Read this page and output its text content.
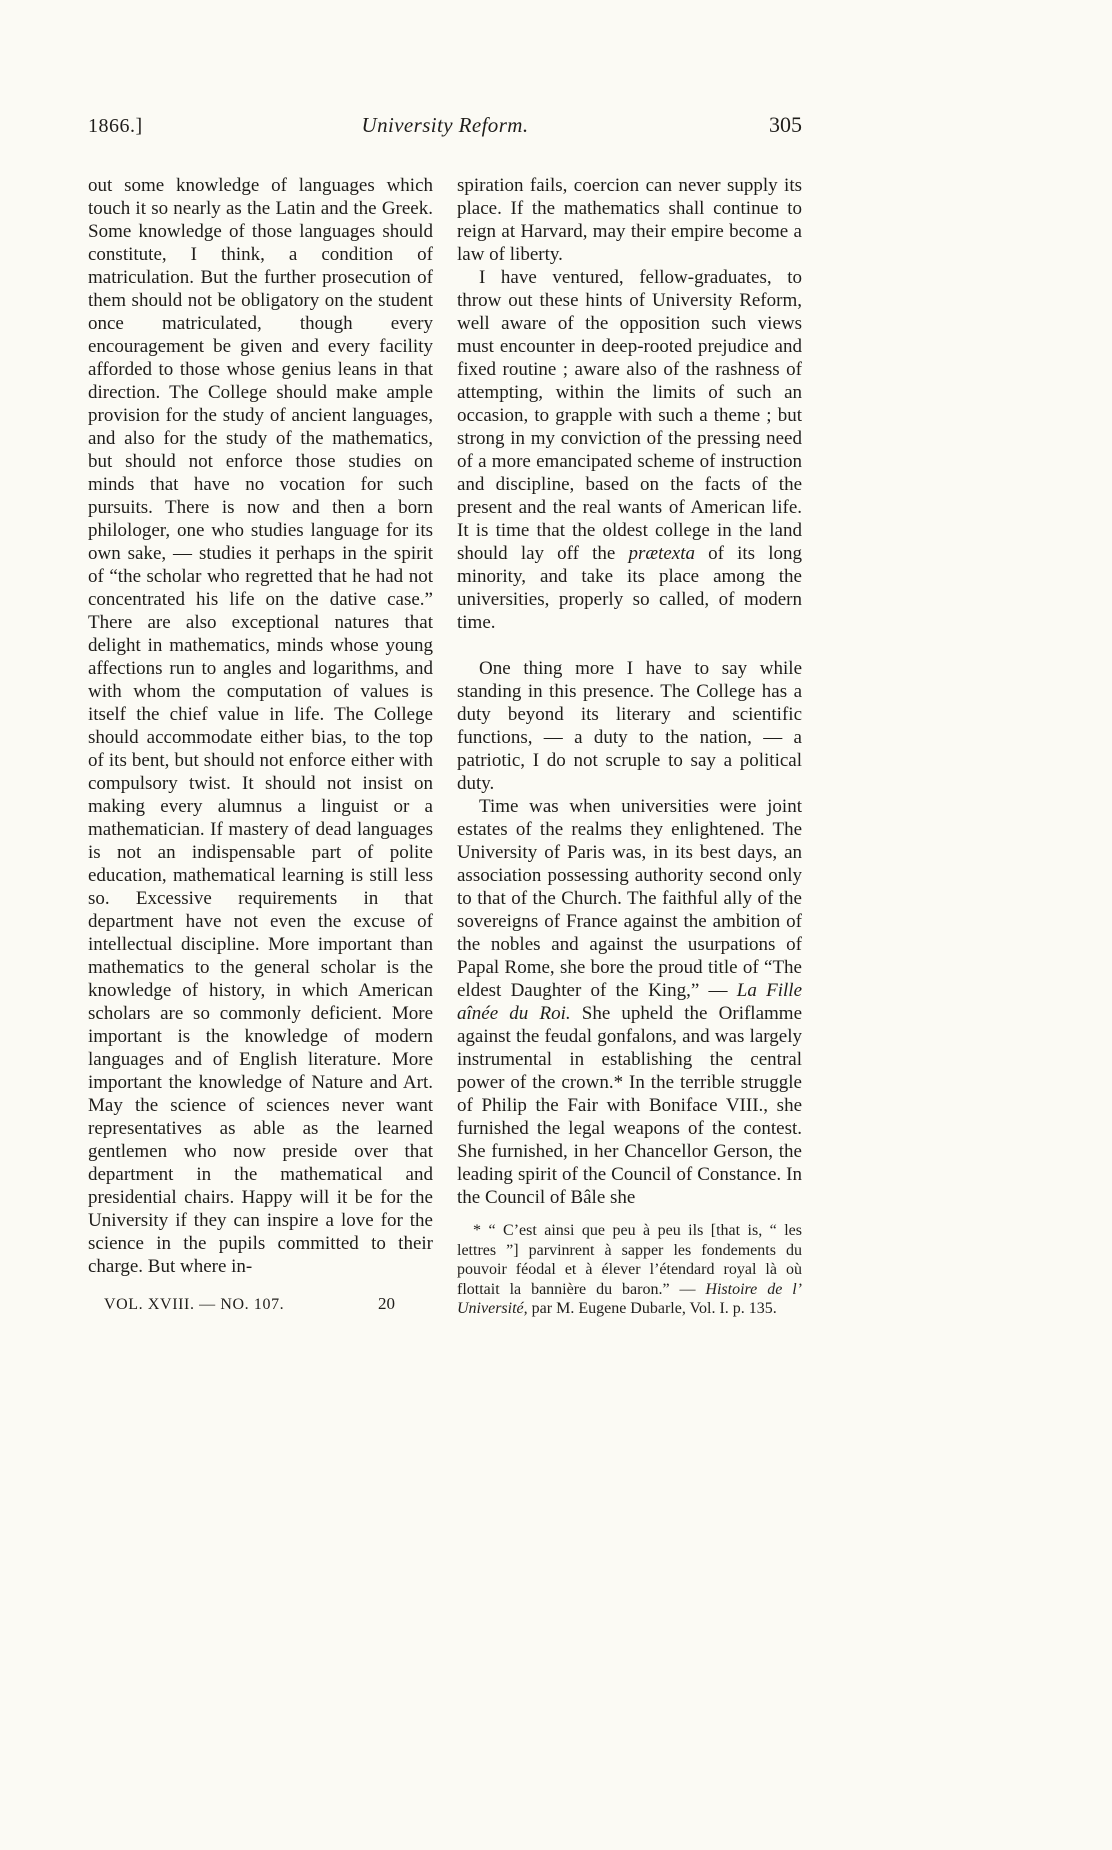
1866.]	University Reform.	305

out some knowledge of languages which touch it so nearly as the Latin and the Greek. Some knowledge of those languages should constitute, I think, a condition of matriculation. But the further prosecution of them should not be obligatory on the student once matriculated, though every encouragement be given and every facility afforded to those whose genius leans in that direction. The College should make ample provision for the study of ancient languages, and also for the study of the mathematics, but should not enforce those studies on minds that have no vocation for such pursuits. There is now and then a born philologer, one who studies language for its own sake, — studies it perhaps in the spirit of “the scholar who regretted that he had not concentrated his life on the dative case.” There are also exceptional natures that delight in mathematics, minds whose young affections run to angles and logarithms, and with whom the computation of values is itself the chief value in life. The College should accommodate either bias, to the top of its bent, but should not enforce either with compulsory twist. It should not insist on making every alumnus a linguist or a mathematician. If mastery of dead languages is not an indispensable part of polite education, mathematical learning is still less so. Excessive requirements in that department have not even the excuse of intellectual discipline. More important than mathematics to the general scholar is the knowledge of history, in which American scholars are so commonly deficient. More important is the knowledge of modern languages and of English literature. More important the knowledge of Nature and Art. May the science of sciences never want representatives as able as the learned gentlemen who now preside over that department in the mathematical and presidential chairs. Happy will it be for the University if they can inspire a love for the science in the pupils committed to their charge. But where in-

VOL. XVIII. — NO. 107.	20

spiration fails, coercion can never supply its place. If the mathematics shall continue to reign at Harvard, may their empire become a law of liberty.

I have ventured, fellow-graduates, to throw out these hints of University Reform, well aware of the opposition such views must encounter in deep-rooted prejudice and fixed routine ; aware also of the rashness of attempting, within the limits of such an occasion, to grapple with such a theme ; but strong in my conviction of the pressing need of a more emancipated scheme of instruction and discipline, based on the facts of the present and the real wants of American life. It is time that the oldest college in the land should lay off the prætexta of its long minority, and take its place among the universities, properly so called, of modern time.

One thing more I have to say while standing in this presence. The College has a duty beyond its literary and scientific functions, — a duty to the nation, — a patriotic, I do not scruple to say a political duty.

Time was when universities were joint estates of the realms they enlightened. The University of Paris was, in its best days, an association possessing authority second only to that of the Church. The faithful ally of the sovereigns of France against the ambition of the nobles and against the usurpations of Papal Rome, she bore the proud title of “The eldest Daughter of the King,” — La Fille aînée du Roi. She upheld the Oriflamme against the feudal gonfalons, and was largely instrumental in establishing the central power of the crown.* In the terrible struggle of Philip the Fair with Boniface VIII., she furnished the legal weapons of the contest. She furnished, in her Chancellor Gerson, the leading spirit of the Council of Constance. In the Council of Bâle she

* “ C’est ainsi que peu à peu ils [that is, “ les lettres ”] parvinrent à sapper les fondements du pouvoir féodal et à élever l’étendard royal là où flottait la bannière du baron.” — Histoire de l’ Université, par M. Eugene Dubarle, Vol. I. p. 135.
